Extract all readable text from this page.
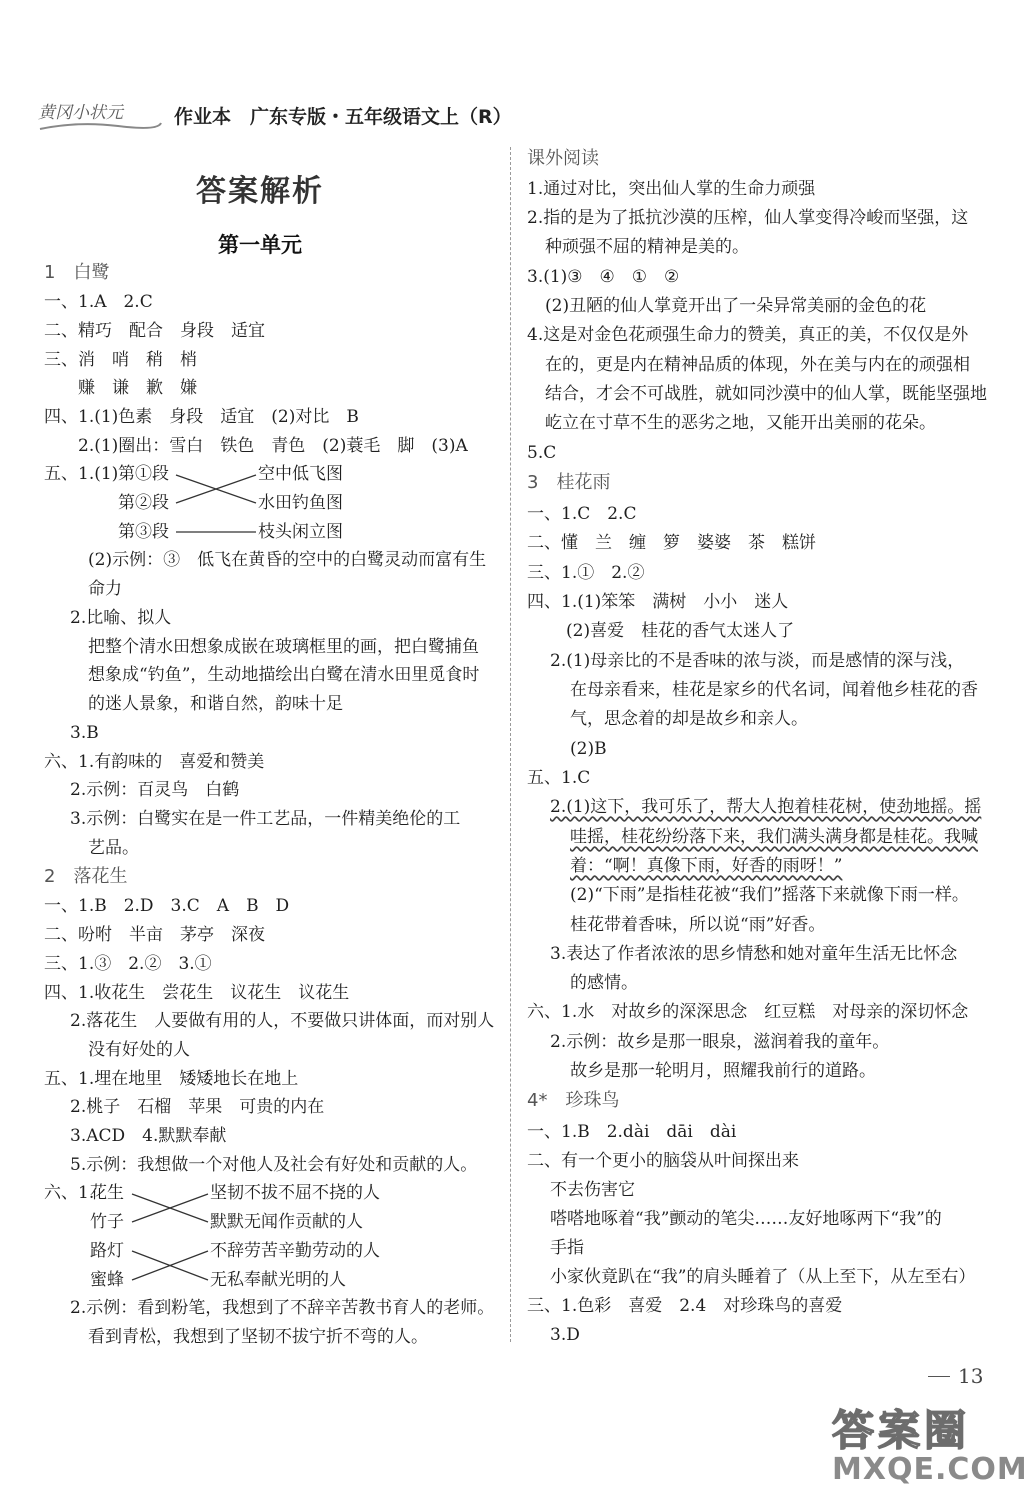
黄冈小状元	作业本　广东专版・五年级语文上（R）
答案解析
第一单元
1　白鹭
一、1.A　2.C
二、精巧　配合　身段　适宜
三、消　哨　稍　梢
　　赚　谦　歉　嫌
四、1.(1)色素　身段　适宜　(2)对比　B
　　2.(1)圈出：雪白　铁色　青色　(2)蓑毛　脚　(3)A
五、1.(1) 第①段
第②段
第③段
空中低飞图
水田钓鱼图
枝头闲立图
(2)示例：③　低飞在黄昏的空中的白鹭灵动而富有生
命力
2.比喻、拟人
把整个清水田想象成嵌在玻璃框里的画，把白鹭捕鱼
想象成“钓鱼”，生动地描绘出白鹭在清水田里觅食时
的迷人景象，和谐自然，韵味十足
3.B
六、1.有韵味的　喜爱和赞美
2.示例：百灵鸟　白鹤
3.示例：白鹭实在是一件工艺品，一件精美绝伦的工
艺品。
2　落花生
一、1.B　2.D　3.C　A　B　D
二、吩咐　半亩　茅亭　深夜
三、1.③　2.②　3.①
四、1.收花生　尝花生　议花生　议花生
2.落花生　人要做有用的人，不要做只讲体面，而对别人
没有好处的人
五、1.埋在地里　矮矮地长在地上
2.桃子　石榴　苹果　可贵的内在
3.ACD　4.默默奉献
5.示例：我想做一个对他人及社会有好处和贡献的人。
六、1.
花生
竹子
路灯
蜜蜂
坚韧不拔不屈不挠的人
默默无闻作贡献的人
不辞劳苦辛勤劳动的人
无私奉献光明的人
2.示例：看到粉笔，我想到了不辞辛苦教书育人的老师。
看到青松，我想到了坚韧不拔宁折不弯的人。
课外阅读
1.通过对比，突出仙人掌的生命力顽强
2.指的是为了抵抗沙漠的压榨，仙人掌变得冷峻而坚强，这
种顽强不屈的精神是美的。
3.(1)③　④　①　②
(2)丑陋的仙人掌竟开出了一朵异常美丽的金色的花
4.这是对金色花顽强生命力的赞美，真正的美，不仅仅是外
在的，更是内在精神品质的体现，外在美与内在的顽强相
结合，才会不可战胜，就如同沙漠中的仙人掌，既能坚强地
屹立在寸草不生的恶劣之地，又能开出美丽的花朵。
5.C
3　桂花雨
一、1.C　2.C
二、懂　兰　缠　箩　婆婆　茶　糕饼
三、1.①　2.②
四、1.(1)笨笨　满树　小小　迷人
(2)喜爱　桂花的香气太迷人了
2.(1)母亲比的不是香味的浓与淡，而是感情的深与浅，
在母亲看来，桂花是家乡的代名词，闻着他乡桂花的香
气，思念着的却是故乡和亲人。
(2)B
五、1.C
2.(1)这下，我可乐了，帮大人抱着桂花树，使劲地摇。摇
哇摇，桂花纷纷落下来，我们满头满身都是桂花。我喊
着：“啊！真像下雨，好香的雨呀！”
(2)“下雨”是指桂花被“我们”摇落下来就像下雨一样。
桂花带着香味，所以说“雨”好香。
3.表达了作者浓浓的思乡情愁和她对童年生活无比怀念
的感情。
六、1.水　对故乡的深深思念　红豆糕　对母亲的深切怀念
2.示例：故乡是那一眼泉，滋润着我的童年。
故乡是那一轮明月，照耀我前行的道路。
4*　珍珠鸟
一、1.B　2.dài　dāi　dài
二、有一个更小的脑袋从叶间探出来
不去伤害它
嗒嗒地啄着“我”颤动的笔尖……友好地啄两下“我”的
手指
小家伙竟趴在“我”的肩头睡着了（从上至下，从左至右）
三、1.色彩　喜爱　2.4　对珍珠鸟的喜爱
3.D
13
答案圈
MXQE.COM
